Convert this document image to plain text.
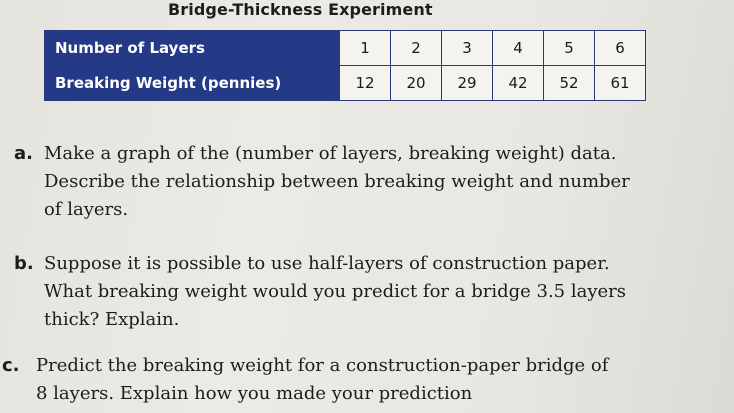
Bridge-Thickness Experiment
Number of Layers	1	2	3	4	5	6
Breaking Weight (pennies)	12	20	29	42	52	61
a. Make a graph of the (number of layers, breaking weight) data.
Describe the relationship between breaking weight and number
of layers.
b. Suppose it is possible to use half-layers of construction paper.
What breaking weight would you predict for a bridge 3.5 layers
thick? Explain.
c. Predict the breaking weight for a construction-paper bridge of
8 layers. Explain how you made your prediction
